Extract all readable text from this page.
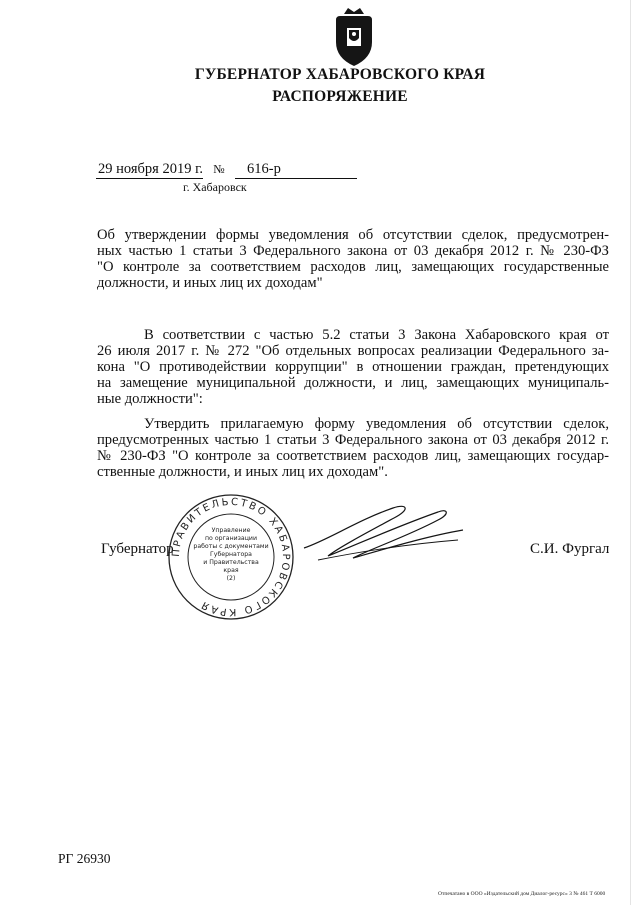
ГУБЕРНАТОР ХАБАРОВСКОГО КРАЯ
РАСПОРЯЖЕНИЕ
29 ноября 2019 г. № 616-р
г. Хабаровск
Об утверждении формы уведомления об отсутствии сделок, предусмотрен-
ных частью 1 статьи 3 Федерального закона от 03 декабря 2012 г. № 230-ФЗ
"О контроле за соответствием расходов лиц, замещающих государственные
должности, и иных лиц их доходам"
В соответствии с частью 5.2 статьи 3 Закона Хабаровского края от
26 июля 2017 г. № 272 "Об отдельных вопросах реализации Федерального за-
кона "О противодействии коррупции" в отношении граждан, претендующих
на замещение муниципальной должности, и лиц, замещающих муниципаль-
ные должности":
Утвердить прилагаемую форму уведомления об отсутствии сделок,
предусмотренных частью 1 статьи 3 Федерального закона от 03 декабря 2012 г.
№ 230-ФЗ "О контроле за соответствием расходов лиц, замещающих государ-
ственные должности, и иных лиц их доходам".
Губернатор
ПРАВИТЕЛЬСТВО ХАБАРОВСКОГО КРАЯ
Управление
по организации
работы с документами
Губернатора
и Правительства
края
(2)
С.И. Фургал
РГ 26930
Отпечатано в ООО «Издательский дом Диалог-ресурс» 3 № 461 Т 6000
